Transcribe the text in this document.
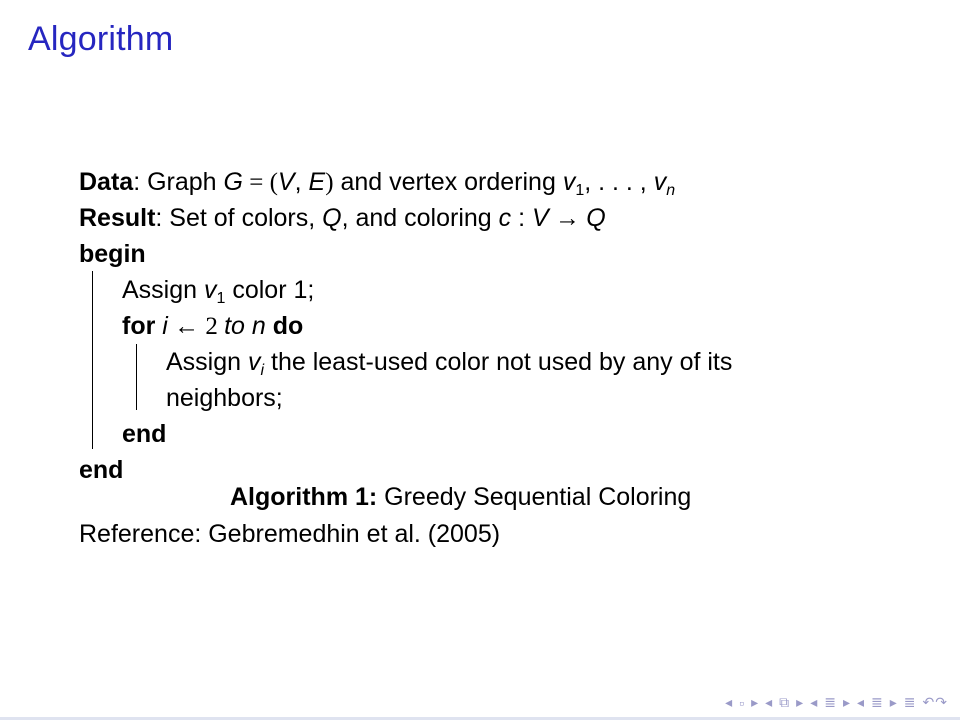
Algorithm
Data: Graph G = (V, E) and vertex ordering $v_1$, . . . , $v_n$
Result: Set of colors, Q, and coloring c : V → Q
begin
Assign $v_1$ color 1;
for i ← 2 to n do
Assign $v_i$ the least-used color not used by any of its
neighbors;
end
end
Algorithm 1: Greedy Sequential Coloring
Reference: Gebremedhin et al. (2005)
◂ ▫ ▸ ◂ ⧉ ▸ ◂ ≣ ▸ ◂ ≣ ▸ ≣ ↶↷
